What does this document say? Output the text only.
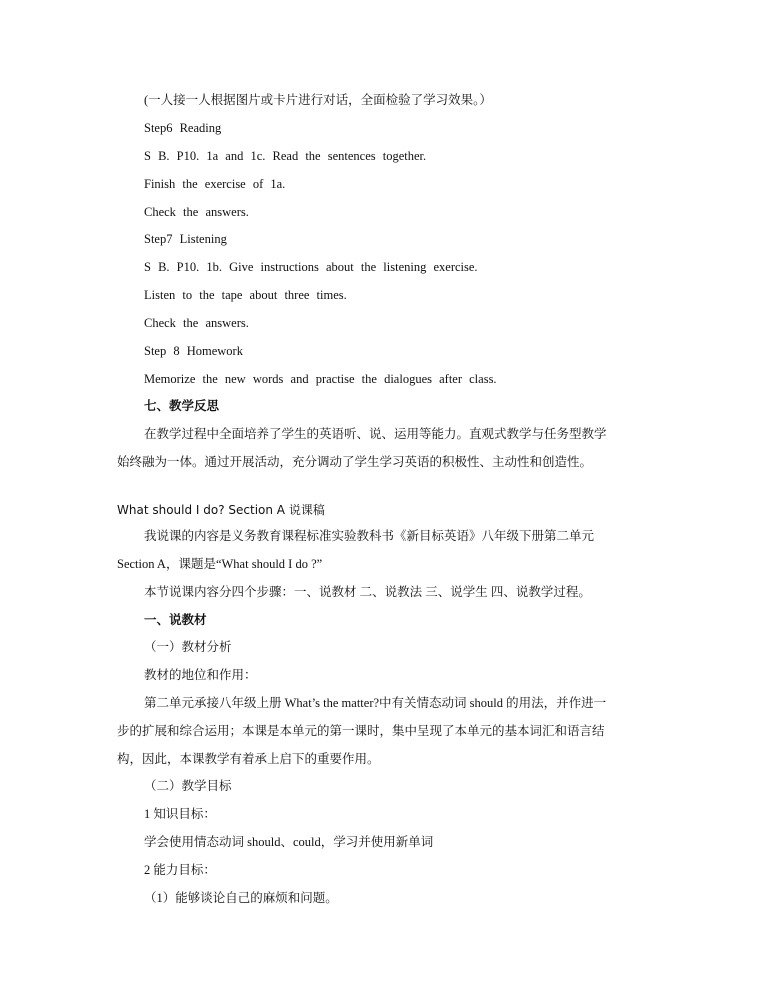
(一人接一人根据图片或卡片进行对话，全面检验了学习效果。）
Step6 Reading
S B. P10. 1a and 1c. Read the sentences together.
Finish the exercise of 1a.
Check the answers.
Step7 Listening
S B. P10. 1b. Give instructions about the listening exercise.
Listen to the tape about three times.
Check the answers.
Step 8 Homework
Memorize the new words and practise the dialogues after class.
七、教学反思
在教学过程中全面培养了学生的英语听、说、运用等能力。直观式教学与任务型教学
始终融为一体。通过开展活动，充分调动了学生学习英语的积极性、主动性和创造性。
What should I do? Section A 说课稿
我说课的内容是义务教育课程标准实验教科书《新目标英语》八年级下册第二单元
Section A，课题是“What should I do ?”
本节说课内容分四个步骤：一、说教材 二、说教法 三、说学生 四、说教学过程。
一、说教材
（一）教材分析
教材的地位和作用：
第二单元承接八年级上册 What’s the matter?中有关情态动词 should 的用法，并作进一
步的扩展和综合运用；本课是本单元的第一课时，集中呈现了本单元的基本词汇和语言结
构，因此，本课教学有着承上启下的重要作用。
（二）教学目标
1 知识目标：
学会使用情态动词 should、could，学习并使用新单词
2 能力目标：
（1）能够谈论自己的麻烦和问题。
